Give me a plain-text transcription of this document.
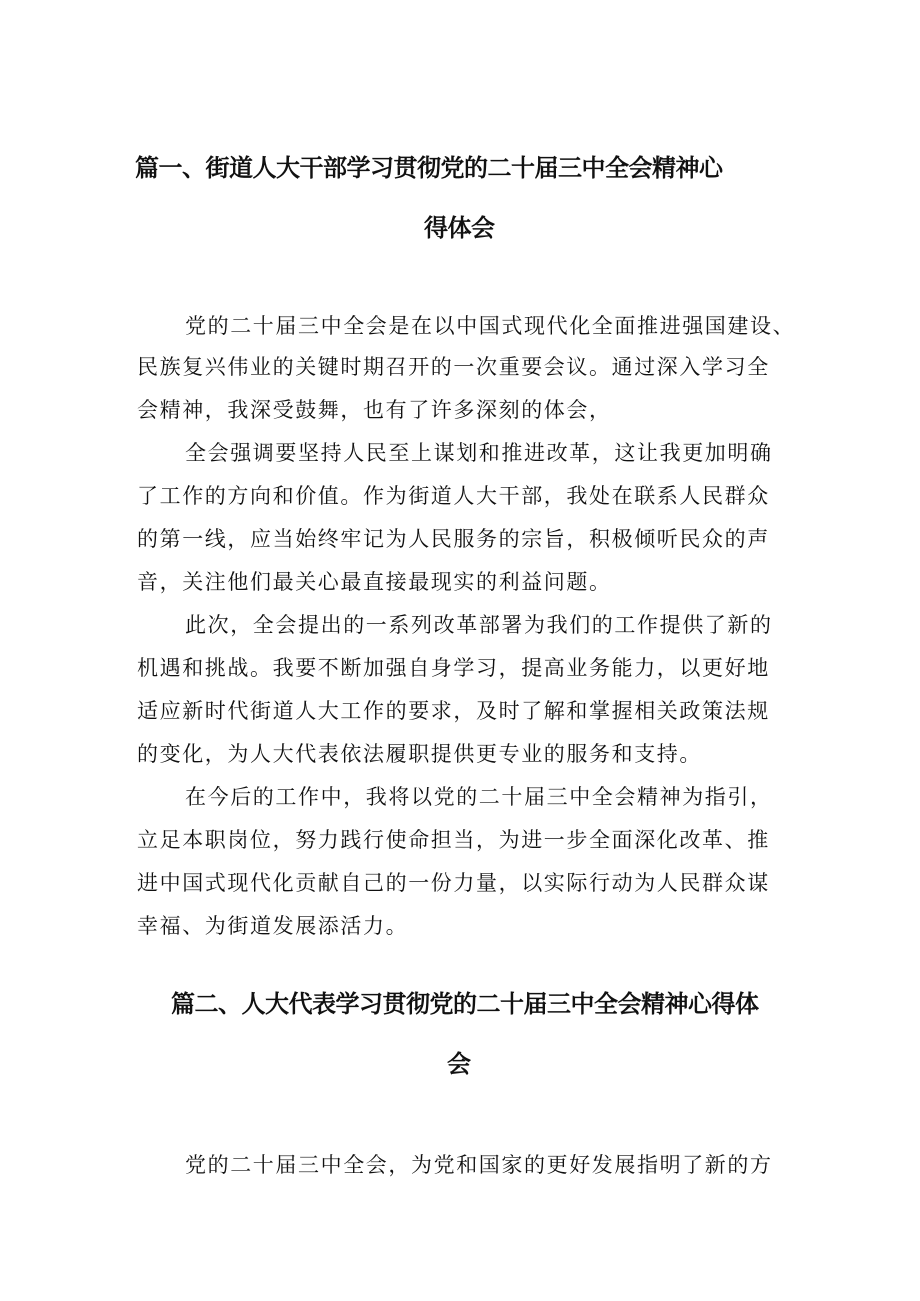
篇一、街道人大干部学习贯彻党的二十届三中全会精神心
得体会

党的二十届三中全会是在以中国式现代化全面推进强国建设、

民族复兴伟业的关键时期召开的一次重要会议。通过深入学习全

会精神，我深受鼓舞，也有了许多深刻的体会，

全会强调要坚持人民至上谋划和推进改革，这让我更加明确

了工作的方向和价值。作为街道人大干部，我处在联系人民群众

的第一线，应当始终牢记为人民服务的宗旨，积极倾听民众的声

音，关注他们最关心最直接最现实的利益问题。

此次，全会提出的一系列改革部署为我们的工作提供了新的

机遇和挑战。我要不断加强自身学习，提高业务能力，以更好地

适应新时代街道人大工作的要求，及时了解和掌握相关政策法规

的变化，为人大代表依法履职提供更专业的服务和支持。

在今后的工作中，我将以党的二十届三中全会精神为指引，

立足本职岗位，努力践行使命担当，为进一步全面深化改革、推

进中国式现代化贡献自己的一份力量，以实际行动为人民群众谋

幸福、为街道发展添活力。

篇二、人大代表学习贯彻党的二十届三中全会精神心得体
会

党的二十届三中全会，为党和国家的更好发展指明了新的方
